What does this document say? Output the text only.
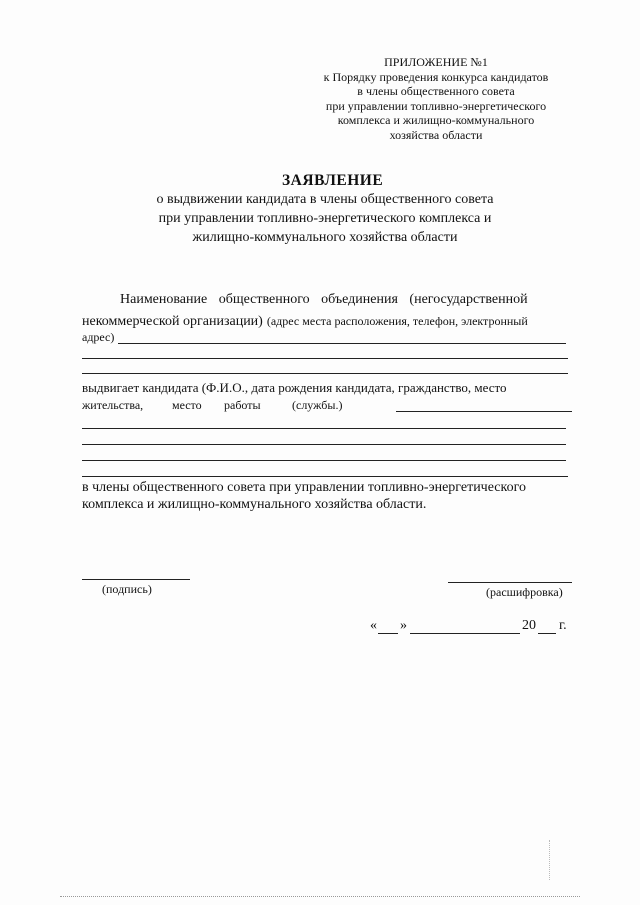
ПРИЛОЖЕНИЕ №1
к Порядку проведения конкурса кандидатов
в члены общественного совета
при управлении топливно-энергетического
комплекса и жилищно-коммунального
хозяйства области
ЗАЯВЛЕНИЕ
о выдвижении кандидата в члены общественного совета
при управлении топливно-энергетического комплекса и
жилищно-коммунального хозяйства области
Наименование общественного объединения (негосударственной
некоммерческой организации) (адрес места расположения, телефон, электронный
адрес)
выдвигает кандидата (Ф.И.О., дата рождения кандидата, гражданство, место
жительства, место работы	(службы.)
в члены общественного совета при управлении топливно-энергетического
комплекса и жилищно-коммунального хозяйства области.
(подпись)	(расшифровка)
« »	20 г.
